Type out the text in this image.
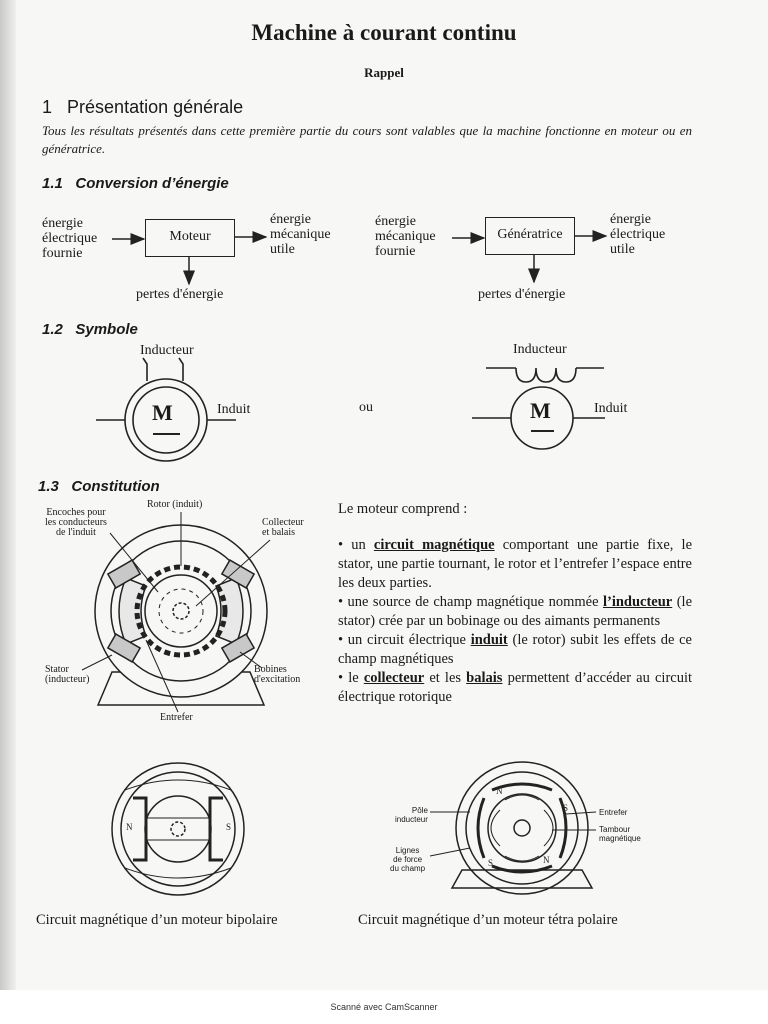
Machine à courant continu
Rappel
1 Présentation générale
Tous les résultats présentés dans cette première partie du cours sont valables que la machine fonctionne en moteur ou en génératrice.
1.1 Conversion d’énergie
énergie
électrique
fournie
Moteur
énergie
mécanique
utile
pertes d'énergie
énergie
mécanique
fournie
Génératrice
énergie
électrique
utile
pertes d'énergie
1.2 Symbole
Inducteur
Induit	ou
Inducteur
Induit
M	M
1.3 Constitution
Rotor (induit)
Encoches pour
les conducteurs
de l'induit
Collecteur
et balais
Stator
(inducteur)
Bobines
d'excitation
Entrefer

Le moteur comprend :

• un circuit magnétique comportant une partie fixe, le stator, une partie tournant, le rotor et l’entrefer l’espace entre les deux parties.

• une source de champ magnétique nommée l’inducteur (le stator) crée par un bobinage ou des aimants permanents

• un circuit électrique induit (le rotor) subit les effets de ce champ magnétiques

• le collecteur et les balais permettent d’accéder au circuit électrique rotorique

N	S
Pôle
inducteur
Lignes
de force
du champ
Entrefer
Tambour
magnétique
N
N
S
S
Circuit magnétique d’un moteur bipolaire	Circuit magnétique d’un moteur tétra polaire
Scanné avec CamScanner
